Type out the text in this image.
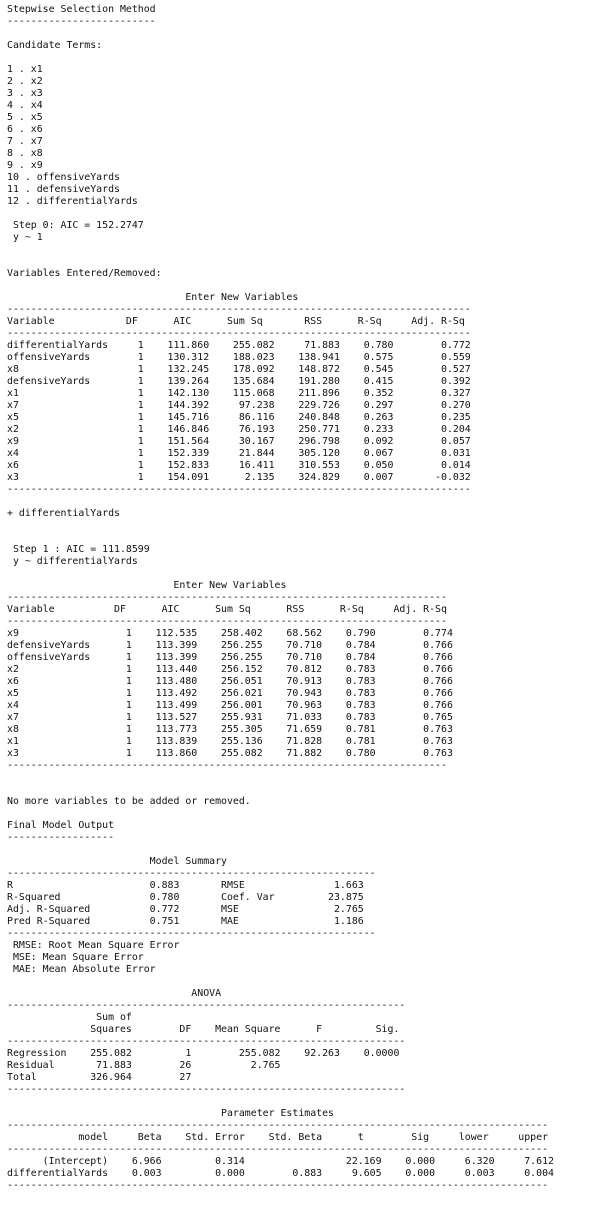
Stepwise Selection Method
-------------------------
Candidate Terms:
1 . x1
2 . x2
3 . x3
4 . x4
5 . x5
6 . x6
7 . x7
8 . x8
9 . x9
10 . offensiveYards
11 . defensiveYards
12 . differentialYards
Step 0: AIC = 152.2747
y ~ 1
Variables Entered/Removed:
Enter New Variables
------------------------------------------------------------------------------
Variable            DF      AIC      Sum Sq       RSS      R-Sq     Adj. R-Sq
------------------------------------------------------------------------------
differentialYards     1    111.860    255.082     71.883    0.780        0.772
offensiveYards        1    130.312    188.023    138.941    0.575        0.559
x8                    1    132.245    178.092    148.872    0.545        0.527
defensiveYards        1    139.264    135.684    191.280    0.415        0.392
x1                    1    142.130    115.068    211.896    0.352        0.327
x7                    1    144.392     97.238    229.726    0.297        0.270
x5                    1    145.716     86.116    240.848    0.263        0.235
x2                    1    146.846     76.193    250.771    0.233        0.204
x9                    1    151.564     30.167    296.798    0.092        0.057
x4                    1    152.339     21.844    305.120    0.067        0.031
x6                    1    152.833     16.411    310.553    0.050        0.014
x3                    1    154.091      2.135    324.829    0.007       -0.032
------------------------------------------------------------------------------
+ differentialYards
Step 1 : AIC = 111.8599
y ~ differentialYards
Enter New Variables
--------------------------------------------------------------------------
Variable          DF      AIC      Sum Sq      RSS      R-Sq     Adj. R-Sq
--------------------------------------------------------------------------
x9                  1    112.535    258.402    68.562    0.790        0.774
defensiveYards      1    113.399    256.255    70.710    0.784        0.766
offensiveYards      1    113.399    256.255    70.710    0.784        0.766
x2                  1    113.440    256.152    70.812    0.783        0.766
x6                  1    113.480    256.051    70.913    0.783        0.766
x5                  1    113.492    256.021    70.943    0.783        0.766
x4                  1    113.499    256.001    70.963    0.783        0.766
x7                  1    113.527    255.931    71.033    0.783        0.765
x8                  1    113.773    255.305    71.659    0.781        0.763
x1                  1    113.839    255.136    71.828    0.781        0.763
x3                  1    113.860    255.082    71.882    0.780        0.763
--------------------------------------------------------------------------
No more variables to be added or removed.
Final Model Output
------------------
Model Summary
--------------------------------------------------------------
R                       0.883       RMSE               1.663
R-Squared               0.780       Coef. Var         23.875
Adj. R-Squared          0.772       MSE                2.765
Pred R-Squared          0.751       MAE                1.186
--------------------------------------------------------------
RMSE: Root Mean Square Error
MSE: Mean Square Error
MAE: Mean Absolute Error
ANOVA
-------------------------------------------------------------------
Sum of
Squares        DF    Mean Square      F         Sig.
-------------------------------------------------------------------
Regression    255.082         1        255.082    92.263    0.0000
Residual       71.883        26          2.765
Total         326.964        27
-------------------------------------------------------------------
Parameter Estimates
-------------------------------------------------------------------------------------------
model     Beta    Std. Error    Std. Beta      t        Sig     lower     upper
-------------------------------------------------------------------------------------------
(Intercept)    6.966         0.314                 22.169    0.000     6.320     7.612
differentialYards    0.003         0.000        0.883     9.605    0.000     0.003     0.004
-------------------------------------------------------------------------------------------
